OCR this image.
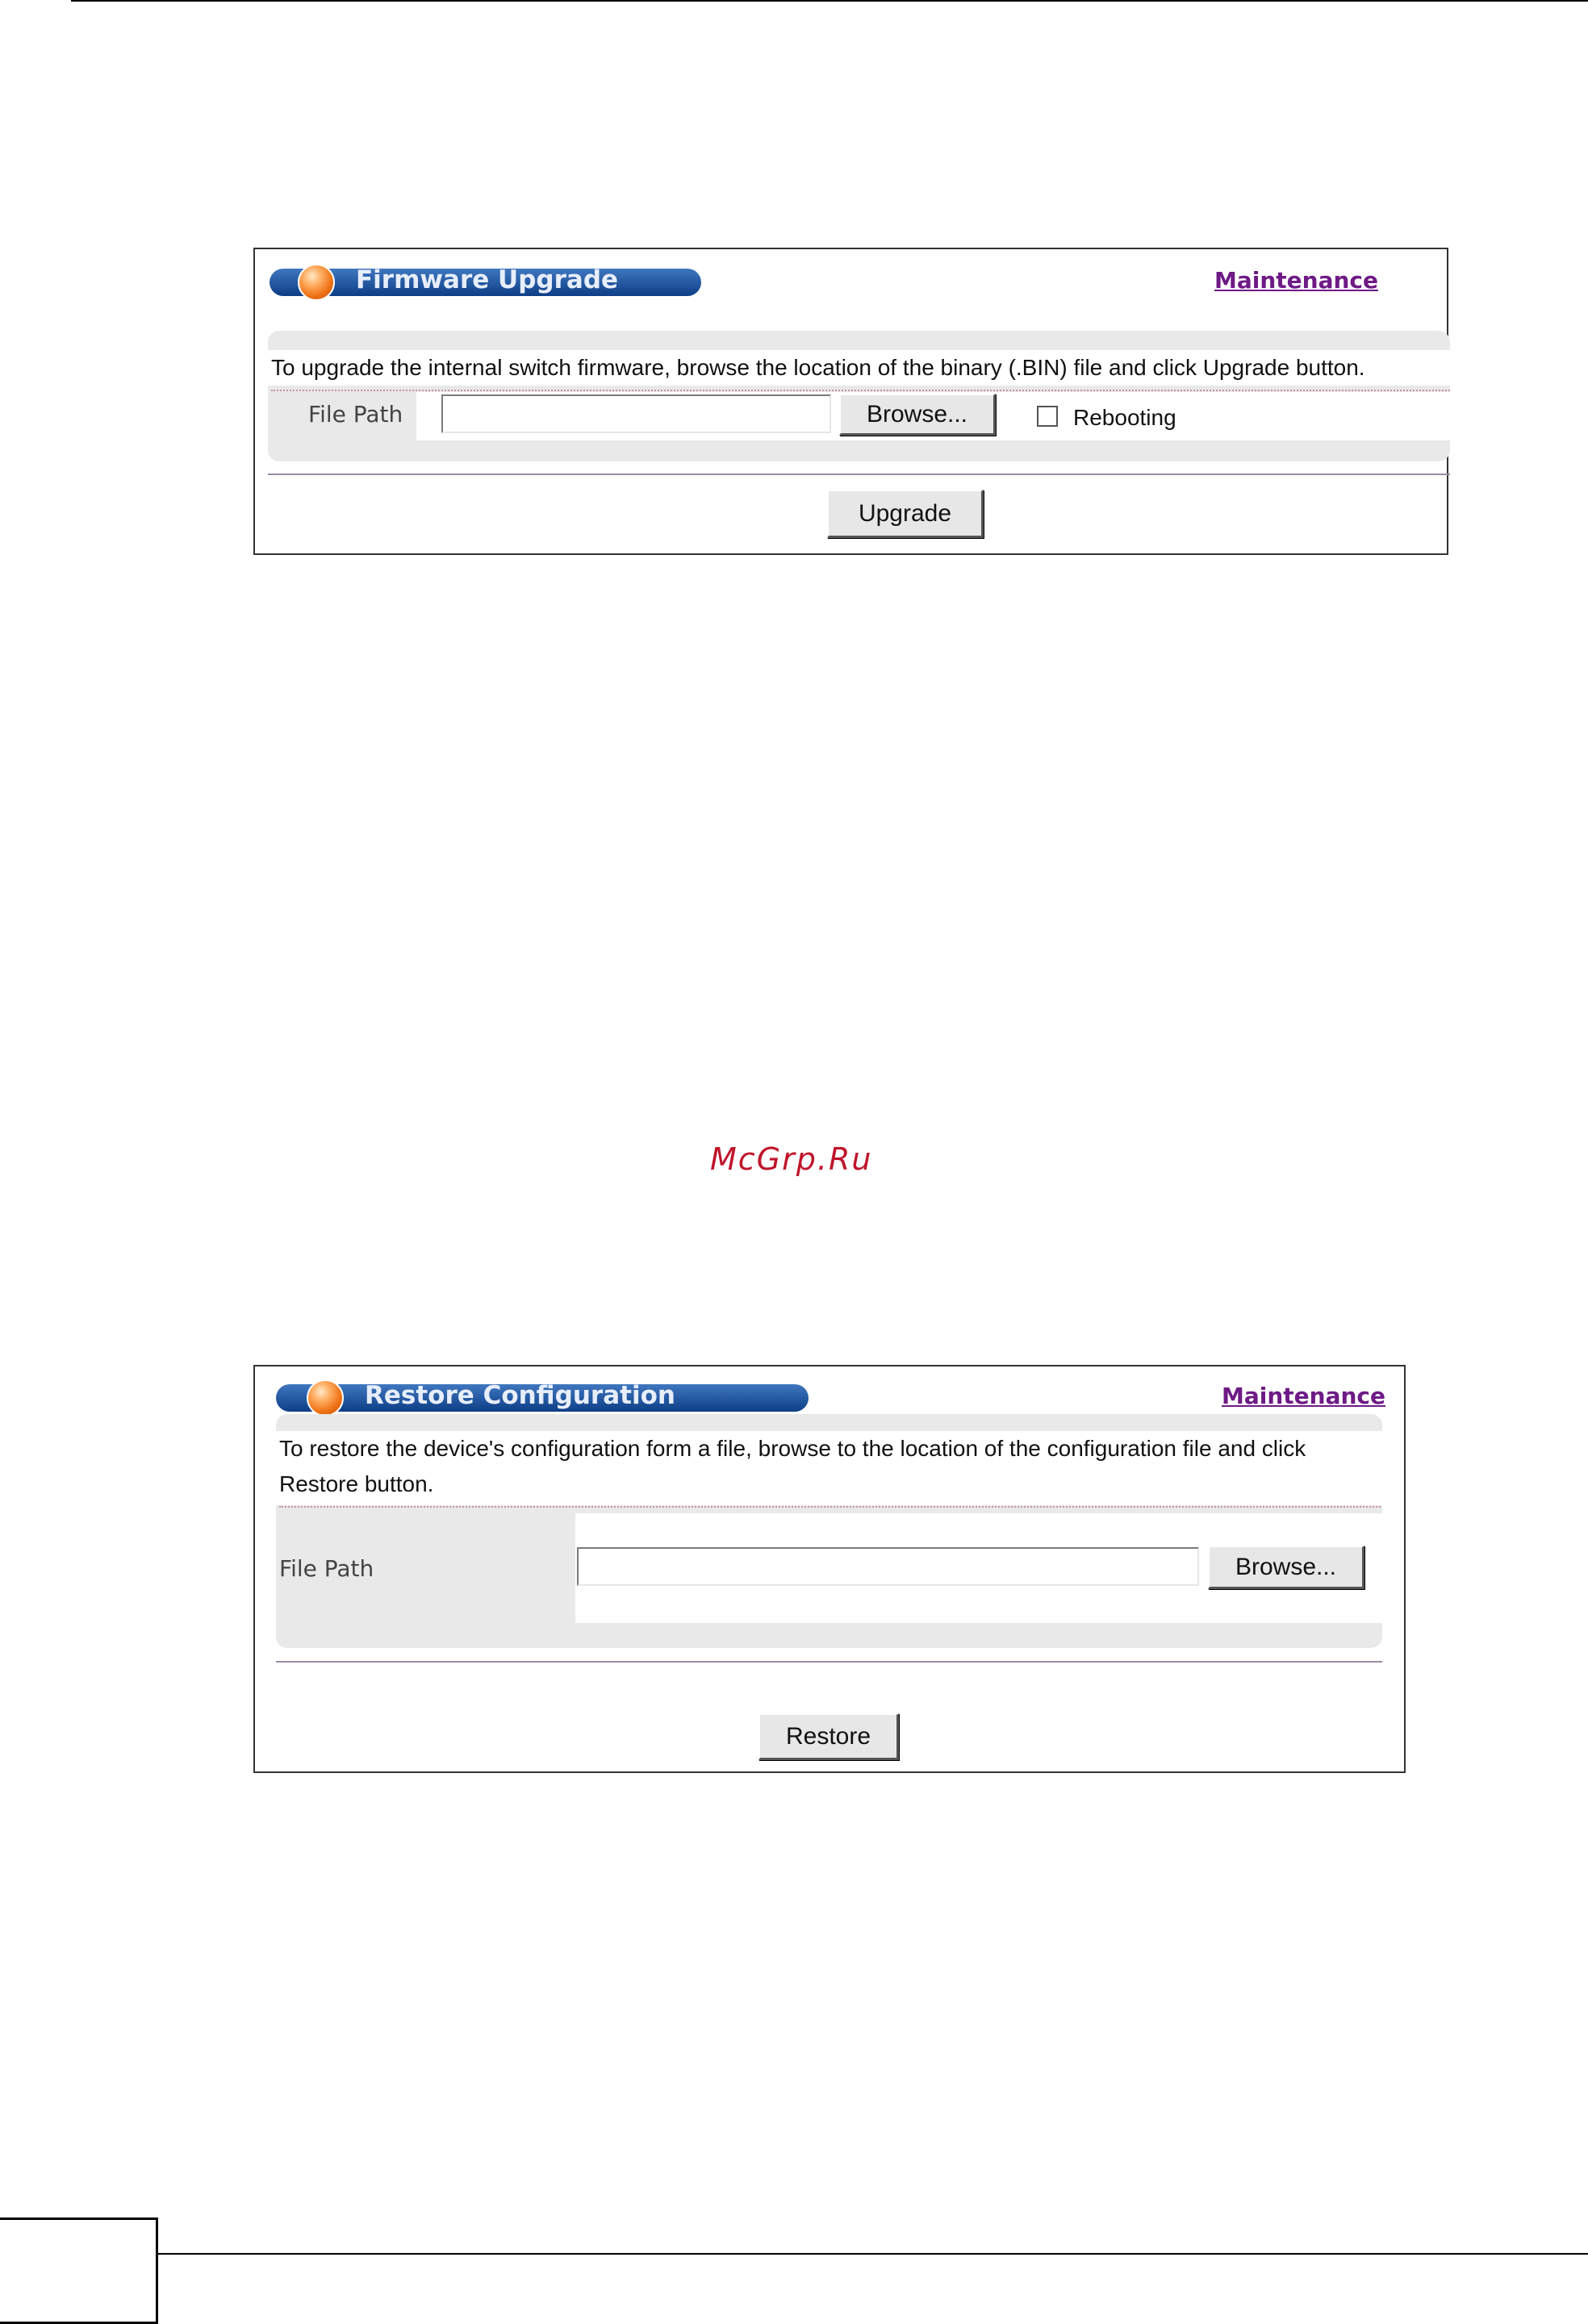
Firmware Upgrade	Maintenance
To upgrade the internal switch firmware, browse the location of the binary (.BIN) file and click Upgrade button.
File Path	Browse...	Rebooting
Upgrade
McGrp.Ru
Restore Configuration	Maintenance
To restore the device's configuration form a file, browse to the location of the configuration file and click Restore button.
File Path	Browse...
Restore
